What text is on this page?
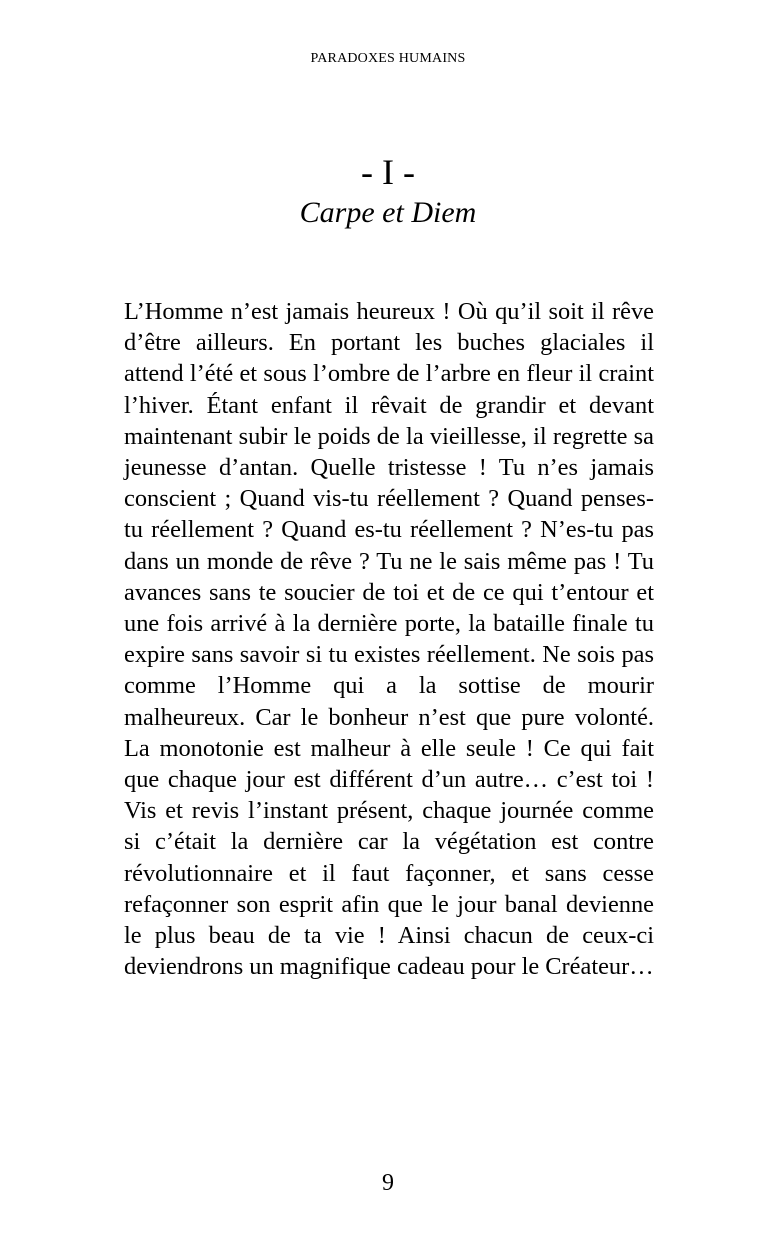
PARADOXES HUMAINS
- I -
Carpe et Diem

L’Homme n’est jamais heureux ! Où qu’il soit il rêve d’être ailleurs. En portant les buches glaciales il attend l’été et sous l’ombre de l’arbre en fleur il craint l’hiver. Étant enfant il rêvait de grandir et devant maintenant subir le poids de la vieillesse, il regrette sa jeunesse d’antan. Quelle tristesse ! Tu n’es jamais conscient ; Quand vis-tu réellement ? Quand penses-tu réellement ? Quand es-tu réellement ? N’es-tu pas dans un monde de rêve ? Tu ne le sais même pas ! Tu avances sans te soucier de toi et de ce qui t’entour et une fois arrivé à la dernière porte, la bataille finale tu expire sans savoir si tu existes réellement. Ne sois pas comme l’Homme qui a la sottise de mourir malheureux. Car le bonheur n’est que pure volonté. La monotonie est malheur à elle seule ! Ce qui fait que chaque jour est différent d’un autre… c’est toi ! Vis et revis l’instant présent, chaque journée comme si c’était la dernière car la végétation est contre révolutionnaire et il faut façonner, et sans cesse refaçonner son esprit afin que le jour banal devienne le plus beau de ta vie ! Ainsi chacun de ceux-ci deviendrons un magnifique cadeau pour le Créateur…

9
